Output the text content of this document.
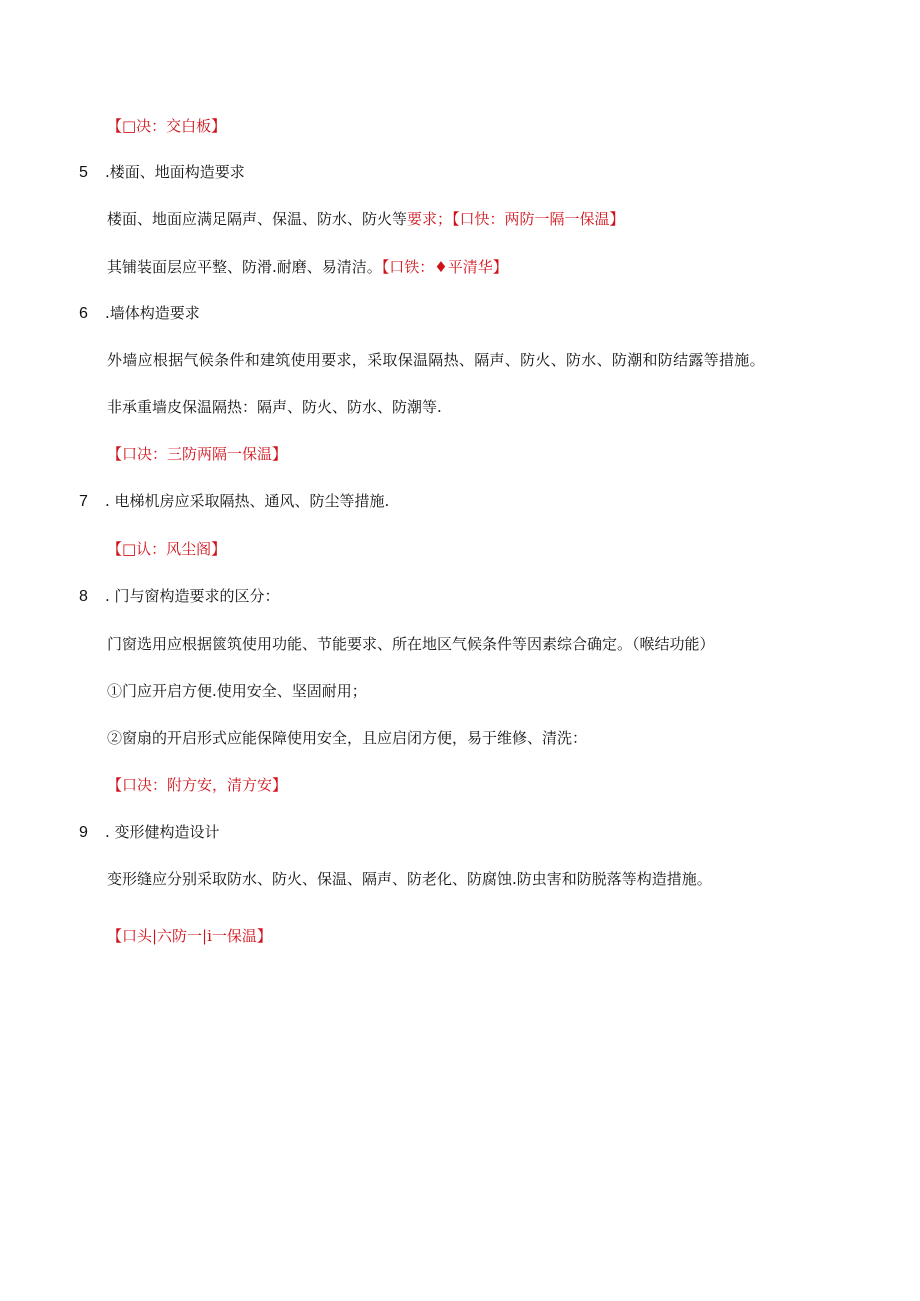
【□决：交白板】
5 .楼面、地面构造要求
楼面、地面应满足隔声、保温、防水、防火等要求；【口快：两防一隔一保温】
其铺装面层应平整、防滑.耐磨、易清洁。【口铁：♦平清华】
6 .墙体构造要求
外墙应根据气候条件和建筑使用要求，采取保温隔热、隔声、防火、防水、防潮和防结露等措施。
非承重墙皮保温隔热：隔声、防火、防水、防潮等.
【口决：三防两隔一保温】
7 . 电梯机房应采取隔热、通风、防尘等措施.
【□认：风尘阁】
8 . 门与窗构造要求的区分：
门窗选用应根据篋筑使用功能、节能要求、所在地区气候条件等因素综合确定。（喉结功能）
①门应开启方便.使用安全、坚固耐用；
②窗扇的开启形式应能保障使用安全，且应启闭方便，易于维修、清洗：
【口决：附方安，清方安】
9 . 变形健构造设计
变形缝应分别采取防水、防火、保温、隔声、防老化、防腐蚀.防虫害和防脱落等构造措施。
【口头|六防一|i一保温】
